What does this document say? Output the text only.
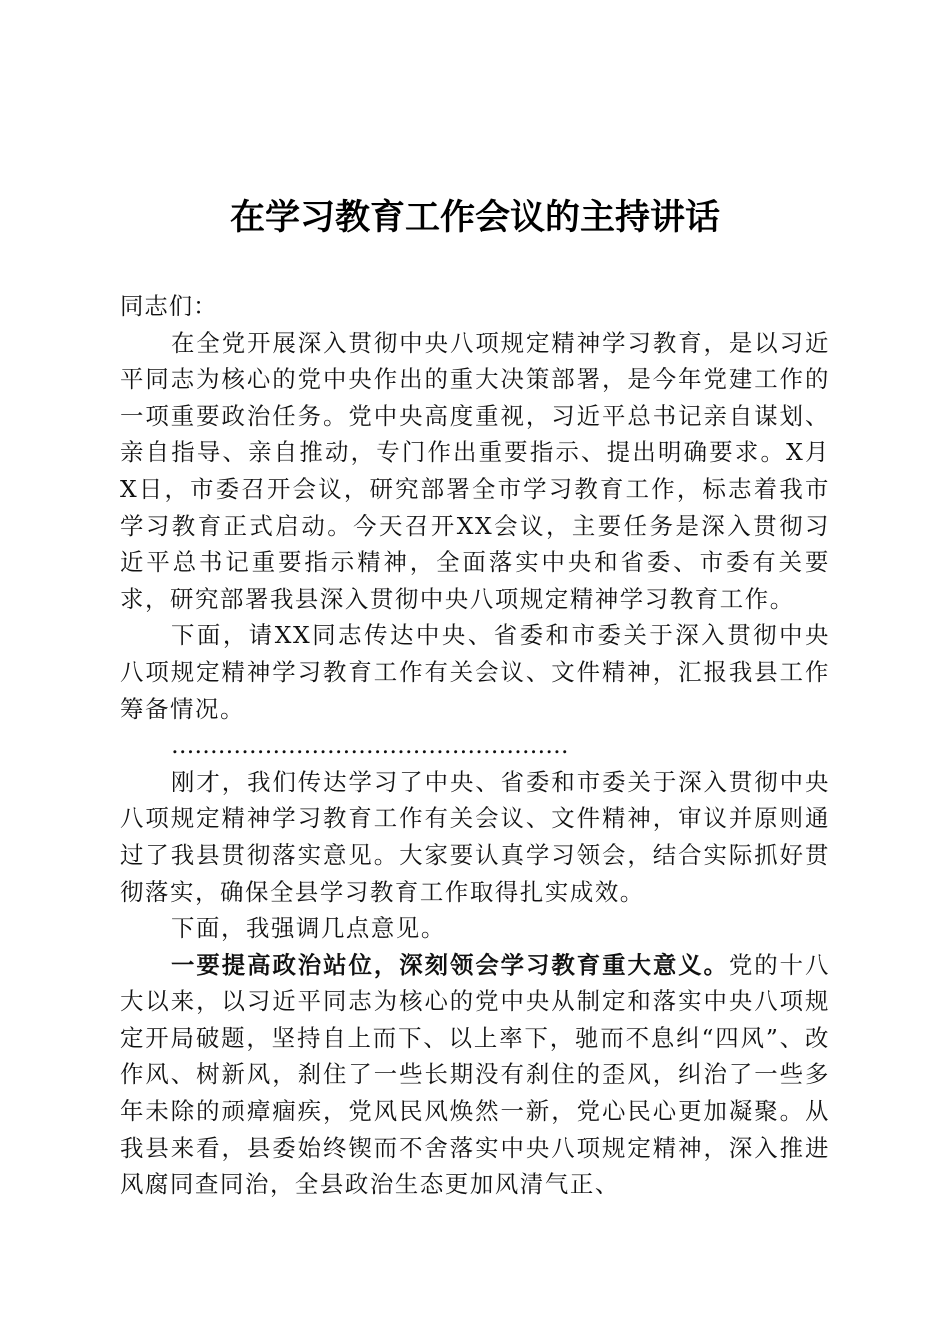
在学习教育工作会议的主持讲话

同志们：

在全党开展深入贯彻中央八项规定精神学习教育，是以习近平同志为核心的党中央作出的重大决策部署，是今年党建工作的一项重要政治任务。党中央高度重视，习近平总书记亲自谋划、亲自指导、亲自推动，专门作出重要指示、提出明确要求。X月X日，市委召开会议，研究部署全市学习教育工作，标志着我市学习教育正式启动。今天召开XX会议，主要任务是深入贯彻习近平总书记重要指示精神，全面落实中央和省委、市委有关要求，研究部署我县深入贯彻中央八项规定精神学习教育工作。

下面，请XX同志传达中央、省委和市委关于深入贯彻中央八项规定精神学习教育工作有关会议、文件精神，汇报我县工作筹备情况。

……………………………………………

刚才，我们传达学习了中央、省委和市委关于深入贯彻中央八项规定精神学习教育工作有关会议、文件精神，审议并原则通过了我县贯彻落实意见。大家要认真学习领会，结合实际抓好贯彻落实，确保全县学习教育工作取得扎实成效。

下面，我强调几点意见。

一要提高政治站位，深刻领会学习教育重大意义。党的十八大以来，以习近平同志为核心的党中央从制定和落实中央八项规定开局破题，坚持自上而下、以上率下，驰而不息纠“四风”、改作风、树新风，刹住了一些长期没有刹住的歪风，纠治了一些多年未除的顽瘴痼疾，党风民风焕然一新，党心民心更加凝聚。从我县来看，县委始终锲而不舍落实中央八项规定精神，深入推进风腐同查同治，全县政治生态更加风清气正、
